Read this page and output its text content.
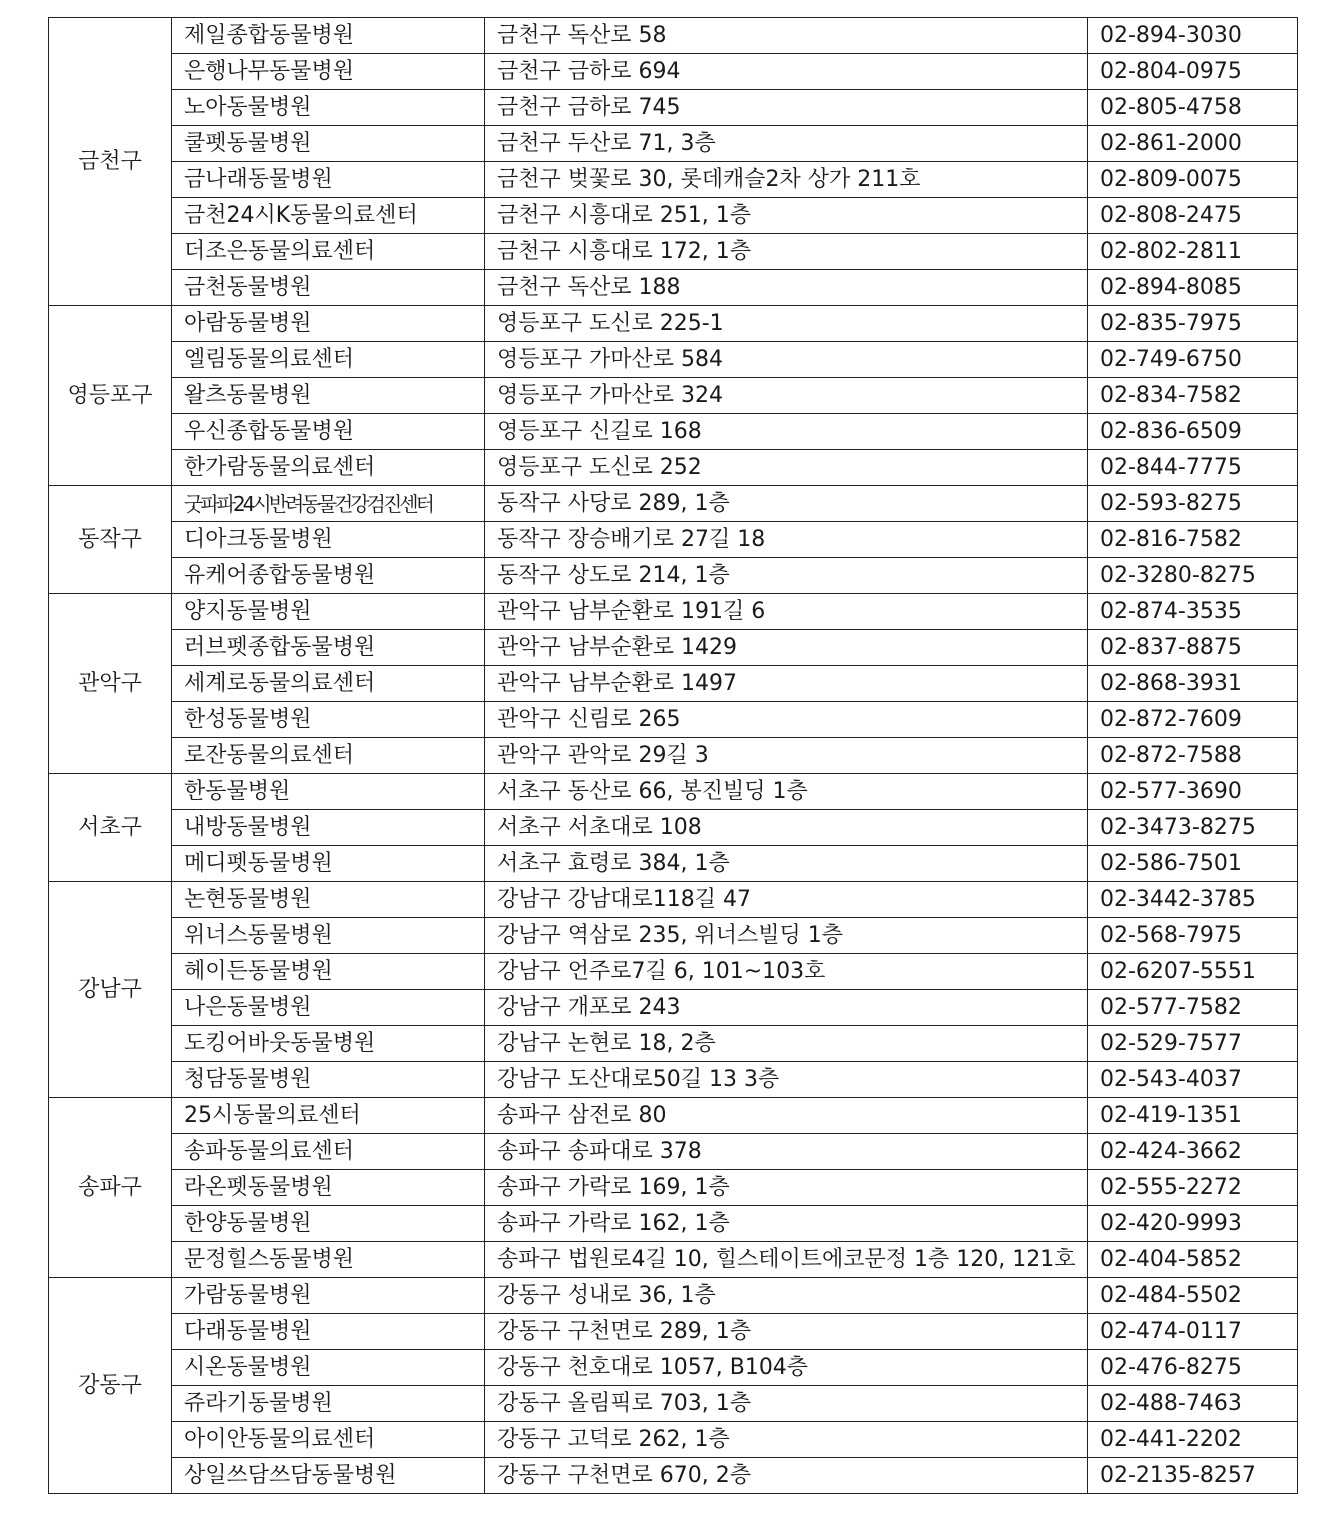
금천구	제일종합동물병원	금천구 독산로 58	02-894-3030
	은행나무동물병원	금천구 금하로 694	02-804-0975
	노아동물병원	금천구 금하로 745	02-805-4758
	쿨펫동물병원	금천구 두산로 71, 3층	02-861-2000
	금나래동물병원	금천구 벚꽃로 30, 롯데캐슬2차 상가 211호	02-809-0075
	금천24시K동물의료센터	금천구 시흥대로 251, 1층	02-808-2475
	더조은동물의료센터	금천구 시흥대로 172, 1층	02-802-2811
	금천동물병원	금천구 독산로 188	02-894-8085
영등포구	아람동물병원	영등포구 도신로 225-1	02-835-7975
	엘림동물의료센터	영등포구 가마산로 584	02-749-6750
	왈츠동물병원	영등포구 가마산로 324	02-834-7582
	우신종합동물병원	영등포구 신길로 168	02-836-6509
	한가람동물의료센터	영등포구 도신로 252	02-844-7775
동작구	굿파파24시반려동물건강검진센터	동작구 사당로 289, 1층	02-593-8275
	디아크동물병원	동작구 장승배기로 27길 18	02-816-7582
	유케어종합동물병원	동작구 상도로 214, 1층	02-3280-8275
관악구	양지동물병원	관악구 남부순환로 191길 6	02-874-3535
	러브펫종합동물병원	관악구 남부순환로 1429	02-837-8875
	세계로동물의료센터	관악구 남부순환로 1497	02-868-3931
	한성동물병원	관악구 신림로 265	02-872-7609
	로잔동물의료센터	관악구 관악로 29길 3	02-872-7588
서초구	한동물병원	서초구 동산로 66, 봉진빌딩 1층	02-577-3690
	내방동물병원	서초구 서초대로 108	02-3473-8275
	메디펫동물병원	서초구 효령로 384, 1층	02-586-7501
강남구	논현동물병원	강남구 강남대로118길 47	02-3442-3785
	위너스동물병원	강남구 역삼로 235, 위너스빌딩 1층	02-568-7975
	헤이든동물병원	강남구 언주로7길 6, 101~103호	02-6207-5551
	나은동물병원	강남구 개포로 243	02-577-7582
	도킹어바웃동물병원	강남구 논현로 18, 2층	02-529-7577
	청담동물병원	강남구 도산대로50길 13 3층	02-543-4037
송파구	25시동물의료센터	송파구 삼전로 80	02-419-1351
	송파동물의료센터	송파구 송파대로 378	02-424-3662
	라온펫동물병원	송파구 가락로 169, 1층	02-555-2272
	한양동물병원	송파구 가락로 162, 1층	02-420-9993
	문정힐스동물병원	송파구 법원로4길 10, 힐스테이트에코문정 1층 120, 121호	02-404-5852
강동구	가람동물병원	강동구 성내로 36, 1층	02-484-5502
	다래동물병원	강동구 구천면로 289, 1층	02-474-0117
	시온동물병원	강동구 천호대로 1057, B104층	02-476-8275
	쥬라기동물병원	강동구 올림픽로 703, 1층	02-488-7463
	아이안동물의료센터	강동구 고덕로 262, 1층	02-441-2202
	상일쓰담쓰담동물병원	강동구 구천면로 670, 2층	02-2135-8257
